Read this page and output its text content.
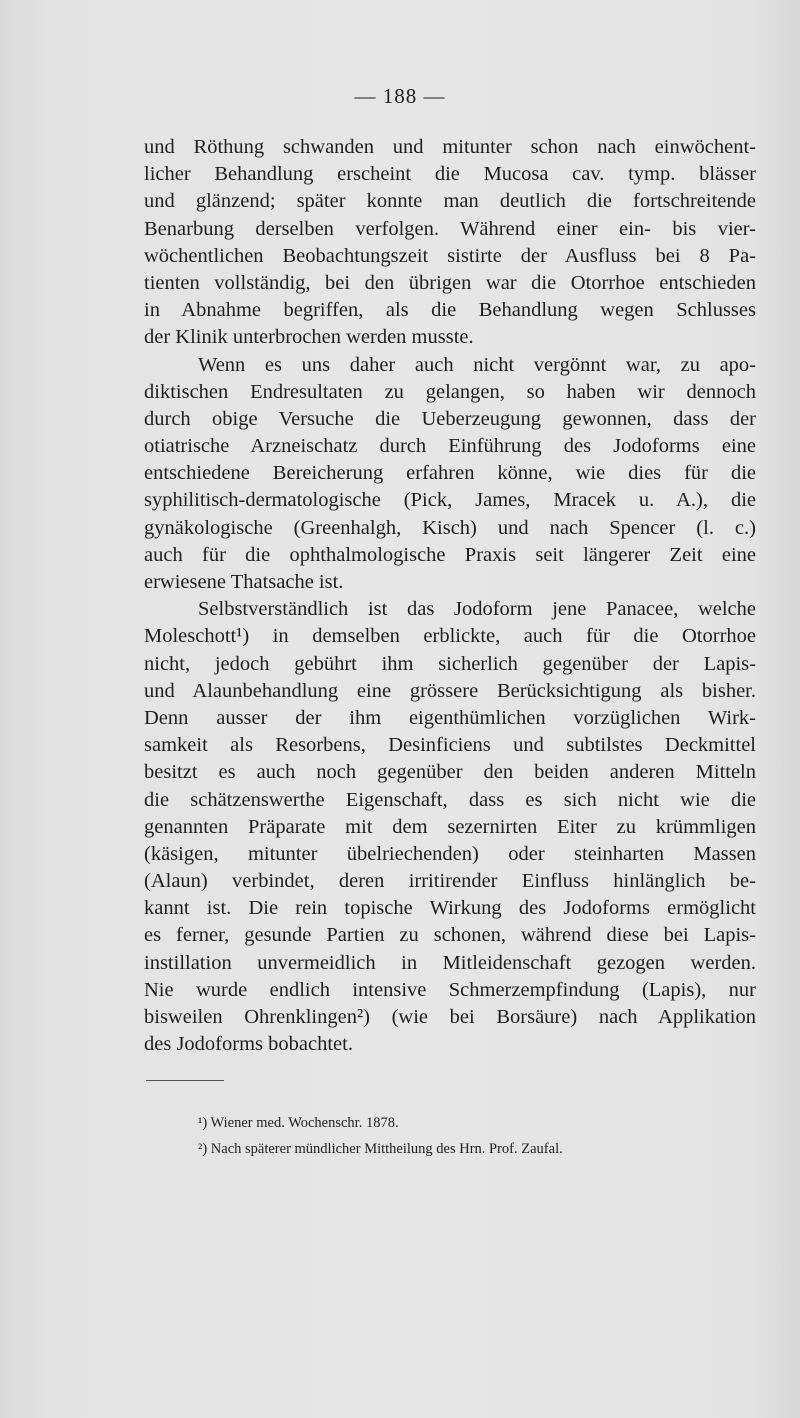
— 188 —
und Röthung schwanden und mitunter schon nach einwöchent-
licher Behandlung erscheint die Mucosa cav. tymp. blässer
und glänzend; später konnte man deutlich die fortschreitende
Benarbung derselben verfolgen. Während einer ein- bis vier-
wöchentlichen Beobachtungszeit sistirte der Ausfluss bei 8 Pa-
tienten vollständig, bei den übrigen war die Otorrhoe entschieden
in Abnahme begriffen, als die Behandlung wegen Schlusses
der Klinik unterbrochen werden musste.
Wenn es uns daher auch nicht vergönnt war, zu apo-
diktischen Endresultaten zu gelangen, so haben wir dennoch
durch obige Versuche die Ueberzeugung gewonnen, dass der
otiatrische Arzneischatz durch Einführung des Jodoforms eine
entschiedene Bereicherung erfahren könne, wie dies für die
syphilitisch-dermatologische (Pick, James, Mracek u. A.), die
gynäkologische (Greenhalgh, Kisch) und nach Spencer (l. c.)
auch für die ophthalmologische Praxis seit längerer Zeit eine
erwiesene Thatsache ist.
Selbstverständlich ist das Jodoform jene Panacee, welche
Moleschott¹) in demselben erblickte, auch für die Otorrhoe
nicht, jedoch gebührt ihm sicherlich gegenüber der Lapis-
und Alaunbehandlung eine grössere Berücksichtigung als bisher.
Denn ausser der ihm eigenthümlichen vorzüglichen Wirk-
samkeit als Resorbens, Desinficiens und subtilstes Deckmittel
besitzt es auch noch gegenüber den beiden anderen Mitteln
die schätzenswerthe Eigenschaft, dass es sich nicht wie die
genannten Präparate mit dem sezernirten Eiter zu krümmligen
(käsigen, mitunter übelriechenden) oder steinharten Massen
(Alaun) verbindet, deren irritirender Einfluss hinlänglich be-
kannt ist. Die rein topische Wirkung des Jodoforms ermöglicht
es ferner, gesunde Partien zu schonen, während diese bei Lapis-
instillation unvermeidlich in Mitleidenschaft gezogen werden.
Nie wurde endlich intensive Schmerzempfindung (Lapis), nur
bisweilen Ohrenklingen²) (wie bei Borsäure) nach Applikation
des Jodoforms bobachtet.
¹) Wiener med. Wochenschr. 1878.
²) Nach späterer mündlicher Mittheilung des Hrn. Prof. Zaufal.
